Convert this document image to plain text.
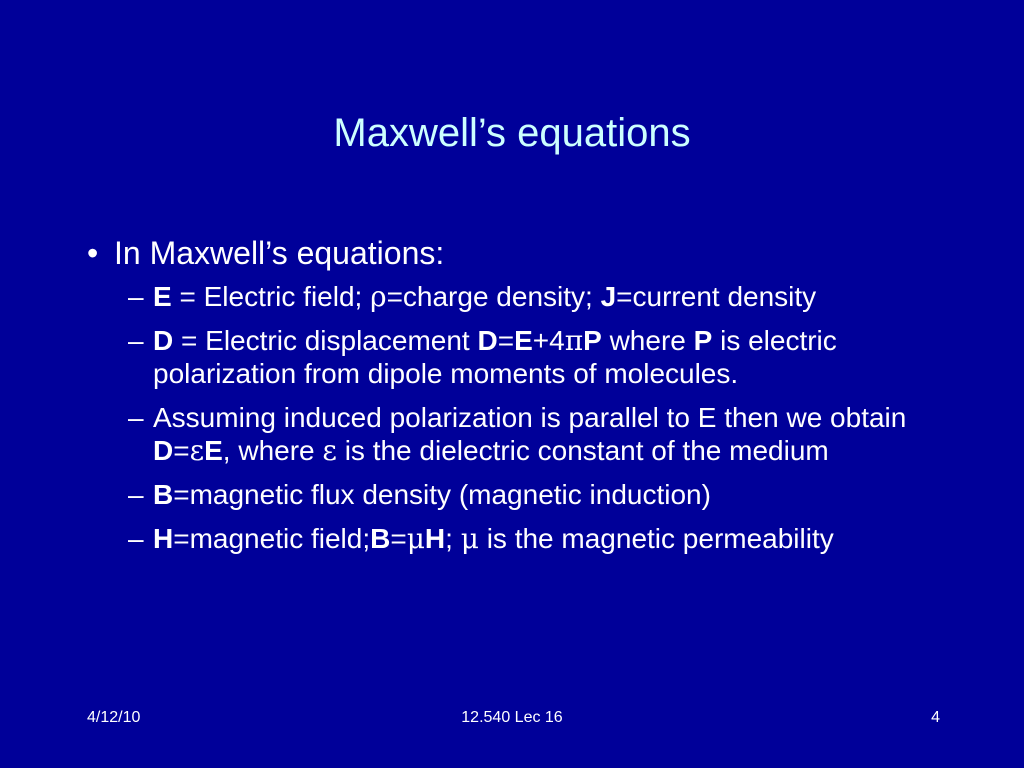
Maxwell’s equations
• In Maxwell’s equations:
– E = Electric field; ρ=charge density; J=current density
– D = Electric displacement D=E+4πP where P is electric polarization from dipole moments of molecules.
– Assuming induced polarization is parallel to E then we obtain D=εE, where ε is the dielectric constant of the medium
– B=magnetic flux density (magnetic induction)
– H=magnetic field;B=μH; μ is the magnetic permeability
4/12/10	12.540 Lec 16	4
